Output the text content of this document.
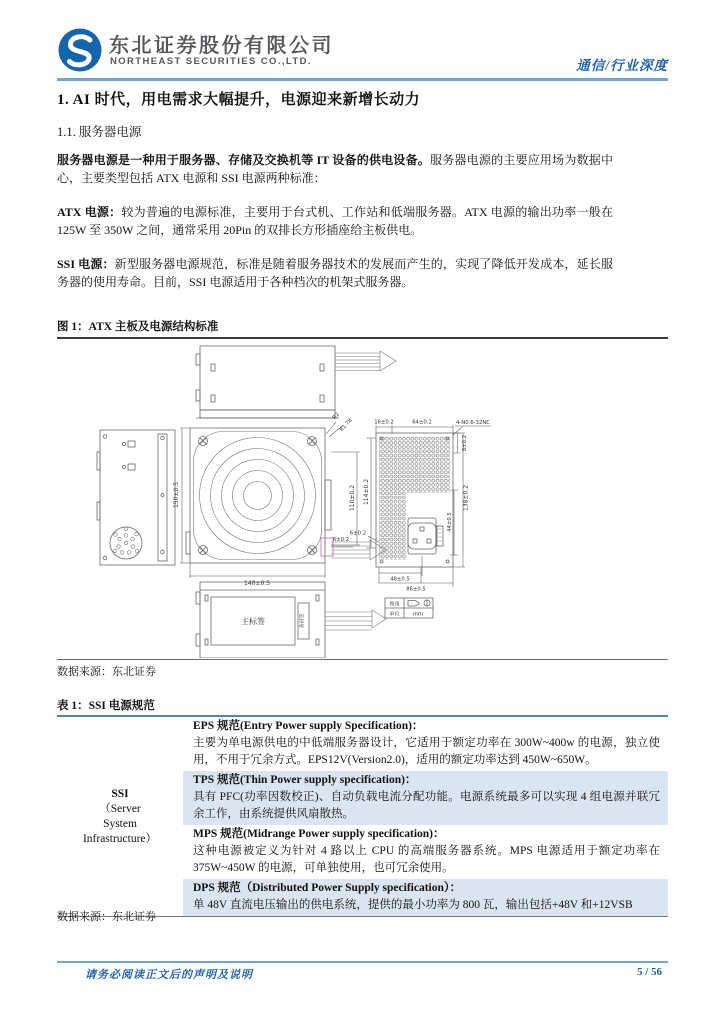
东北证券股份有限公司
NORTHEAST SECURITIES CO.,LTD.	通信/行业深度
1. AI 时代，用电需求大幅提升，电源迎来新增长动力
1.1. 服务器电源
服务器电源是一种用于服务器、存储及交换机等 IT 设备的供电设备。服务器电源的主要应用场为数据中心，主要类型包括 ATX 电源和 SSI 电源两种标准：
ATX 电源：较为普遍的电源标准，主要用于台式机、工作站和低端服务器。ATX 电源的输出功率一般在 125W 至 350W 之间，通常采用 20Pin 的双排长方形插座给主板供电。
SSI 电源：新型服务器电源规范，标准是随着服务器技术的发展而产生的，实现了降低开发成本，延长服务器的使用寿命。目前，SSI 电源适用于各种档次的机架式服务器。
图 1：ATX 主板及电源结构标准
150±0.5
140±0.5
110±0.2
6±0.2
R2
R1.78	16±0.2	64±0.2	4-N0.6-32NC
8±0.2
114±0.2	138±0.2
44±0.5
6±0.2
48±0.5
86±0.5
主标签	条码签
视角
单位 mm
数据来源：东北证券
表 1：SSI 电源规范
SSI
（Server
System
Infrastructure）
EPS 规范(Entry Power supply Specification)：
主要为单电源供电的中低端服务器设计，它适用于额定功率在 300W~400w 的电源，独立使用，不用于冗余方式。EPS12V(Version2.0)，适用的额定功率达到 450W~650W。
TPS 规范(Thin Power supply specification)：
具有 PFC(功率因数校正)、自动负载电流分配功能。电源系统最多可以实现 4 组电源并联冗余工作，由系统提供风扇散热。
MPS 规范(Midrange Power supply specification)：
这种电源被定义为针对 4 路以上 CPU 的高端服务器系统。MPS 电源适用于额定功率在 375W~450W 的电源，可单独使用，也可冗余使用。
DPS 规范（Distributed Power Supply specification）：
单 48V 直流电压输出的供电系统，提供的最小功率为 800 瓦，输出包括+48V 和+12VSB
数据来源：东北证券
请务必阅读正文后的声明及说明	5 / 56
